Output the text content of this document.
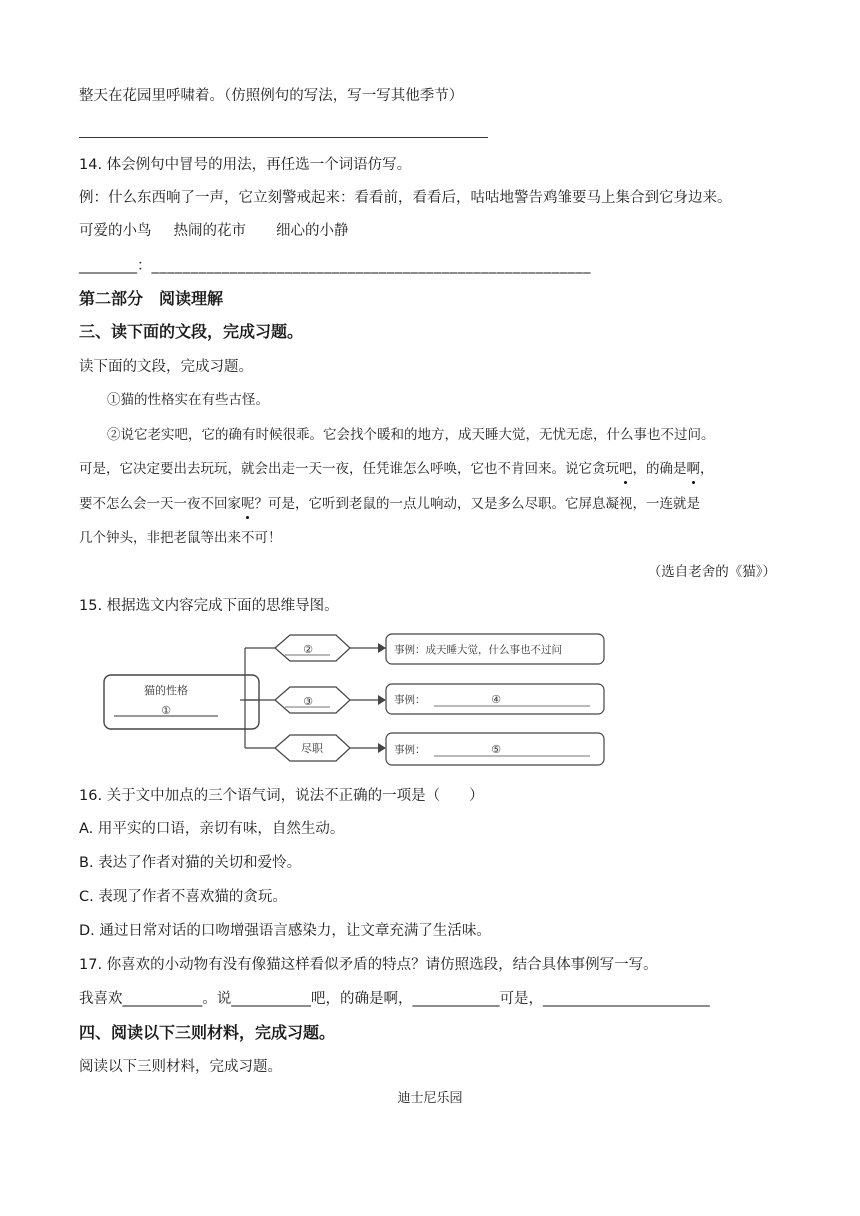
整天在花园里呼啸着。（仿照例句的写法，写一写其他季节）
14. 体会例句中冒号的用法，再任选一个词语仿写。
例：什么东西响了一声，它立刻警戒起来：看看前，看看后，咕咕地警告鸡雏要马上集合到它身边来。
可爱的小鸟 热闹的花市 细心的小静
________：________________________________________________________
第二部分　阅读理解
三、读下面的文段，完成习题。
读下面的文段，完成习题。
①猫的性格实在有些古怪。
②说它老实吧，它的确有时候很乖。它会找个暖和的地方，成天睡大觉，无忧无虑，什么事也不过问。
可是，它决定要出去玩玩，就会出走一天一夜，任凭谁怎么呼唤，它也不肯回来。说它贪玩吧，的确是啊，
要不怎么会一天一夜不回家呢？可是，它听到老鼠的一点儿响动，又是多么尽职。它屏息凝视，一连就是
几个钟头，非把老鼠等出来不可！
（选自老舍的《猫》）
15. 根据选文内容完成下面的思维导图。
猫的性格
①
②	事例：成天睡大觉，什么事也不过问
③	事例：	④
尽职	事例：	⑤
16. 关于文中加点的三个语气词，说法不正确的一项是（　　）
A. 用平实的口语，亲切有味，自然生动。
B. 表达了作者对猫的关切和爱怜。
C. 表现了作者不喜欢猫的贪玩。
D. 通过日常对话的口吻增强语言感染力，让文章充满了生活味。
17. 你喜欢的小动物有没有像猫这样看似矛盾的特点？请仿照选段，结合具体事例写一写。
我喜欢___________。说___________吧，的确是啊，____________可是，_______________________
四、阅读以下三则材料，完成习题。
阅读以下三则材料，完成习题。
迪士尼乐园
